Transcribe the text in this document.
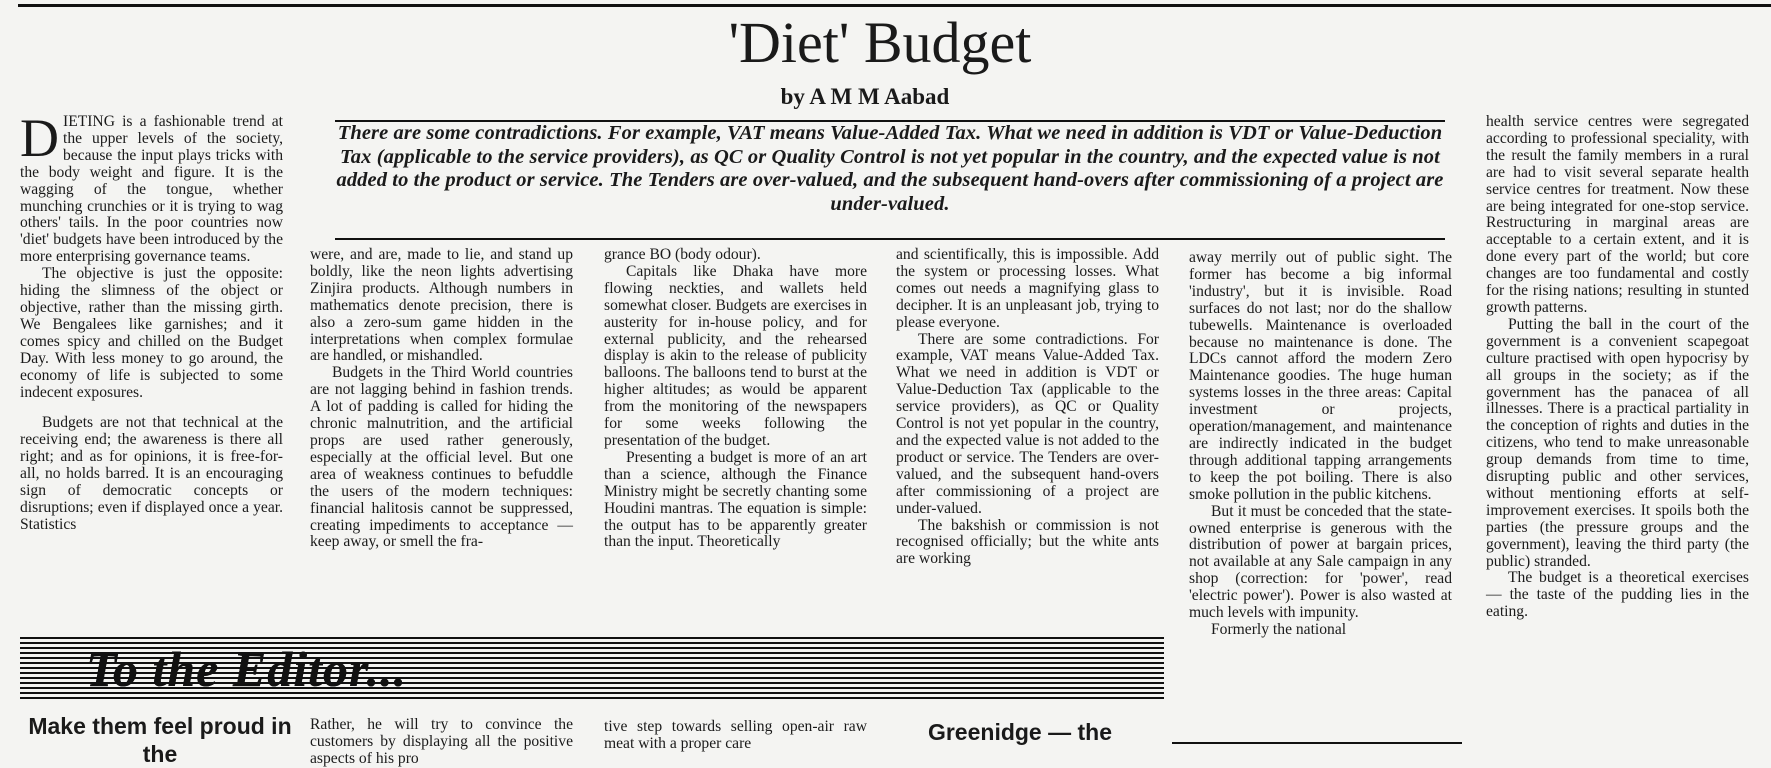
'Diet' Budget
by A M M Aabad
There are some contradictions. For example, VAT means Value-Added Tax. What we need in addition is VDT or Value-Deduction Tax (applicable to the service providers), as QC or Quality Control is not yet popular in the country, and the expected value is not added to the product or service. The Tenders are over-valued, and the subsequent hand-overs after commissioning of a project are under-valued.

DIETING is a fashionable trend at the upper levels of the society, because the input plays tricks with the body weight and figure. It is the wagging of the tongue, whether munching crunchies or it is trying to wag others' tails. In the poor countries now 'diet' budgets have been introduced by the more enterprising governance teams.

The objective is just the opposite: hiding the slimness of the object or objective, rather than the missing girth. We Bengalees like garnishes; and it comes spicy and chilled on the Budget Day. With less money to go around, the economy of life is subjected to some indecent exposures.

Budgets are not that technical at the receiving end; the awareness is there all right; and as for opinions, it is free-for-all, no holds barred. It is an encouraging sign of democratic concepts or disruptions; even if displayed once a year. Statistics

were, and are, made to lie, and stand up boldly, like the neon lights advertising Zinjira products. Although numbers in mathematics denote precision, there is also a zero-sum game hidden in the interpretations when complex formulae are handled, or mishandled.

Budgets in the Third World countries are not lagging behind in fashion trends. A lot of padding is called for hiding the chronic malnutrition, and the artificial props are used rather generously, especially at the official level. But one area of weakness continues to befuddle the users of the modern techniques: financial halitosis cannot be suppressed, creating impediments to acceptance — keep away, or smell the fra-

grance BO (body odour).

Capitals like Dhaka have more flowing neckties, and wallets held somewhat closer. Budgets are exercises in austerity for in-house policy, and for external publicity, and the rehearsed display is akin to the release of publicity balloons. The balloons tend to burst at the higher altitudes; as would be apparent from the monitoring of the newspapers for some weeks following the presentation of the budget.

Presenting a budget is more of an art than a science, although the Finance Ministry might be secretly chanting some Houdini mantras. The equation is simple: the output has to be apparently greater than the input. Theoretically

and scientifically, this is impossible. Add the system or processing losses. What comes out needs a magnifying glass to decipher. It is an unpleasant job, trying to please everyone.

There are some contradictions. For example, VAT means Value-Added Tax. What we need in addition is VDT or Value-Deduction Tax (applicable to the service providers), as QC or Quality Control is not yet popular in the country, and the expected value is not added to the product or service. The Tenders are over-valued, and the subsequent hand-overs after commissioning of a project are under-valued.

The bakshish or commission is not recognised officially; but the white ants are working

away merrily out of public sight. The former has become a big informal 'industry', but it is invisible. Road surfaces do not last; nor do the shallow tubewells. Maintenance is overloaded because no maintenance is done. The LDCs cannot afford the modern Zero Maintenance goodies. The huge human systems losses in the three areas: Capital investment or projects, operation/management, and maintenance are indirectly indicated in the budget through additional tapping arrangements to keep the pot boiling. There is also smoke pollution in the public kitchens.

But it must be conceded that the state-owned enterprise is generous with the distribution of power at bargain prices, not available at any Sale campaign in any shop (correction: for 'power', read 'electric power'). Power is also wasted at much levels with impunity.

Formerly the national

health service centres were segregated according to professional speciality, with the result the family members in a rural are had to visit several separate health service centres for treatment. Now these are being integrated for one-stop service. Restructuring in marginal areas are acceptable to a certain extent, and it is done every part of the world; but core changes are too fundamental and costly for the rising nations; resulting in stunted growth patterns.

Putting the ball in the court of the government is a convenient scapegoat culture practised with open hypocrisy by all groups in the society; as if the government has the panacea of all illnesses. There is a practical partiality in the conception of rights and duties in the citizens, who tend to make unreasonable group demands from time to time, disrupting public and other services, without mentioning efforts at self-improvement exercises. It spoils both the parties (the pressure groups and the government), leaving the third party (the public) stranded.

The budget is a theoretical exercises — the taste of the pudding lies in the eating.

To the Editor...
Make them feel proud in the
Rather, he will try to convince the customers by displaying all the positive aspects of his pro
tive step towards selling open-air raw meat with a proper care	Greenidge — the
